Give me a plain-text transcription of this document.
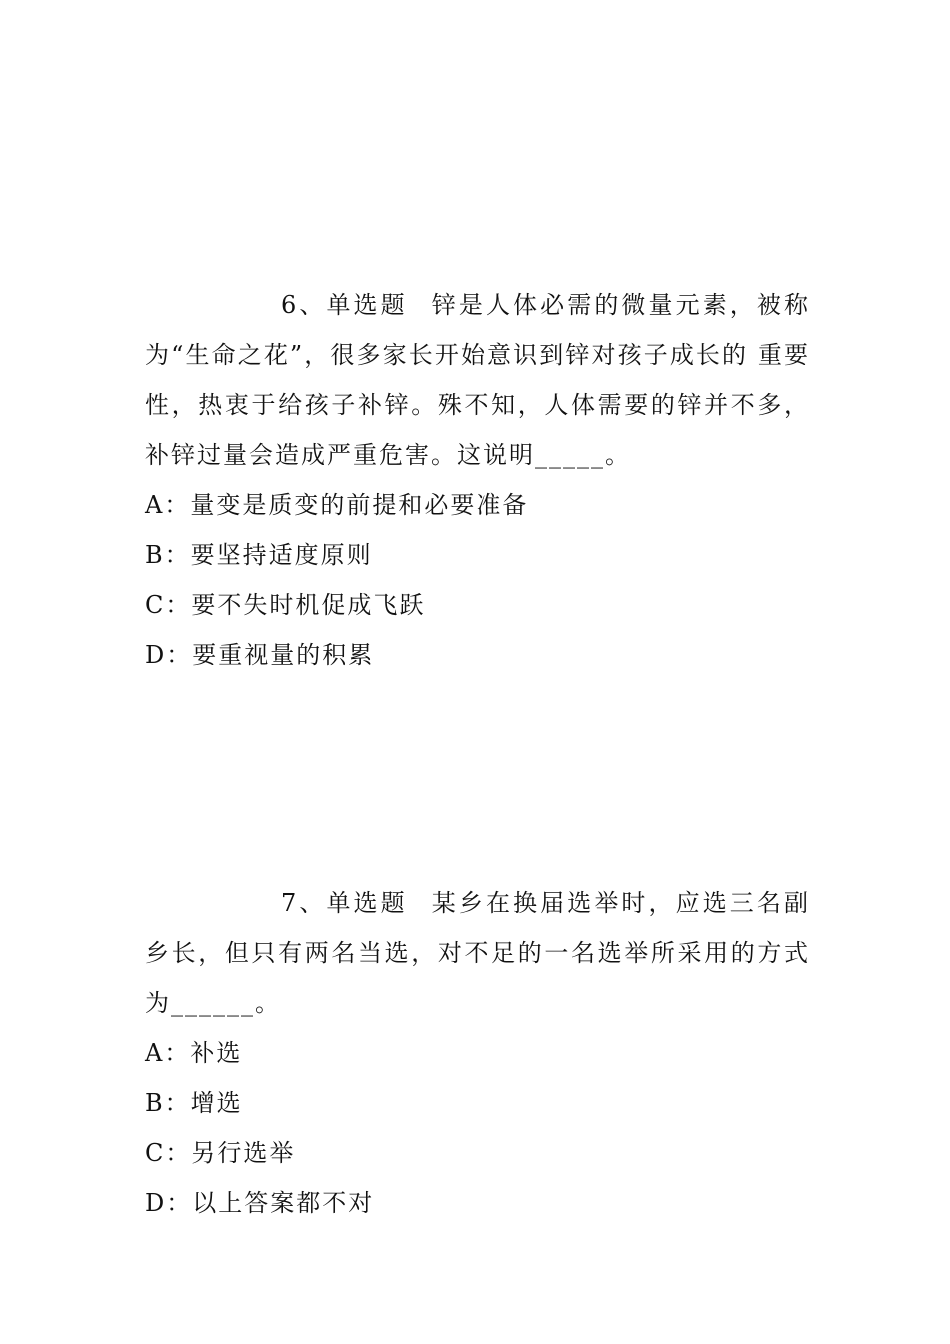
6、单选题 锌是人体必需的微量元素，被称为“生命之花”，很多家长开始意识到锌对孩子成长的 重要性，热衷于给孩子补锌。殊不知，人体需要的锌并不多，补锌过量会造成严重危害。这说明_____。

A：量变是质变的前提和必要准备
B：要坚持适度原则
C：要不失时机促成飞跃
D：要重视量的积累

7、单选题 某乡在换届选举时，应选三名副乡长，但只有两名当选，对不足的一名选举所采用的方式为______。

A：补选
B：增选
C：另行选举
D：以上答案都不对
